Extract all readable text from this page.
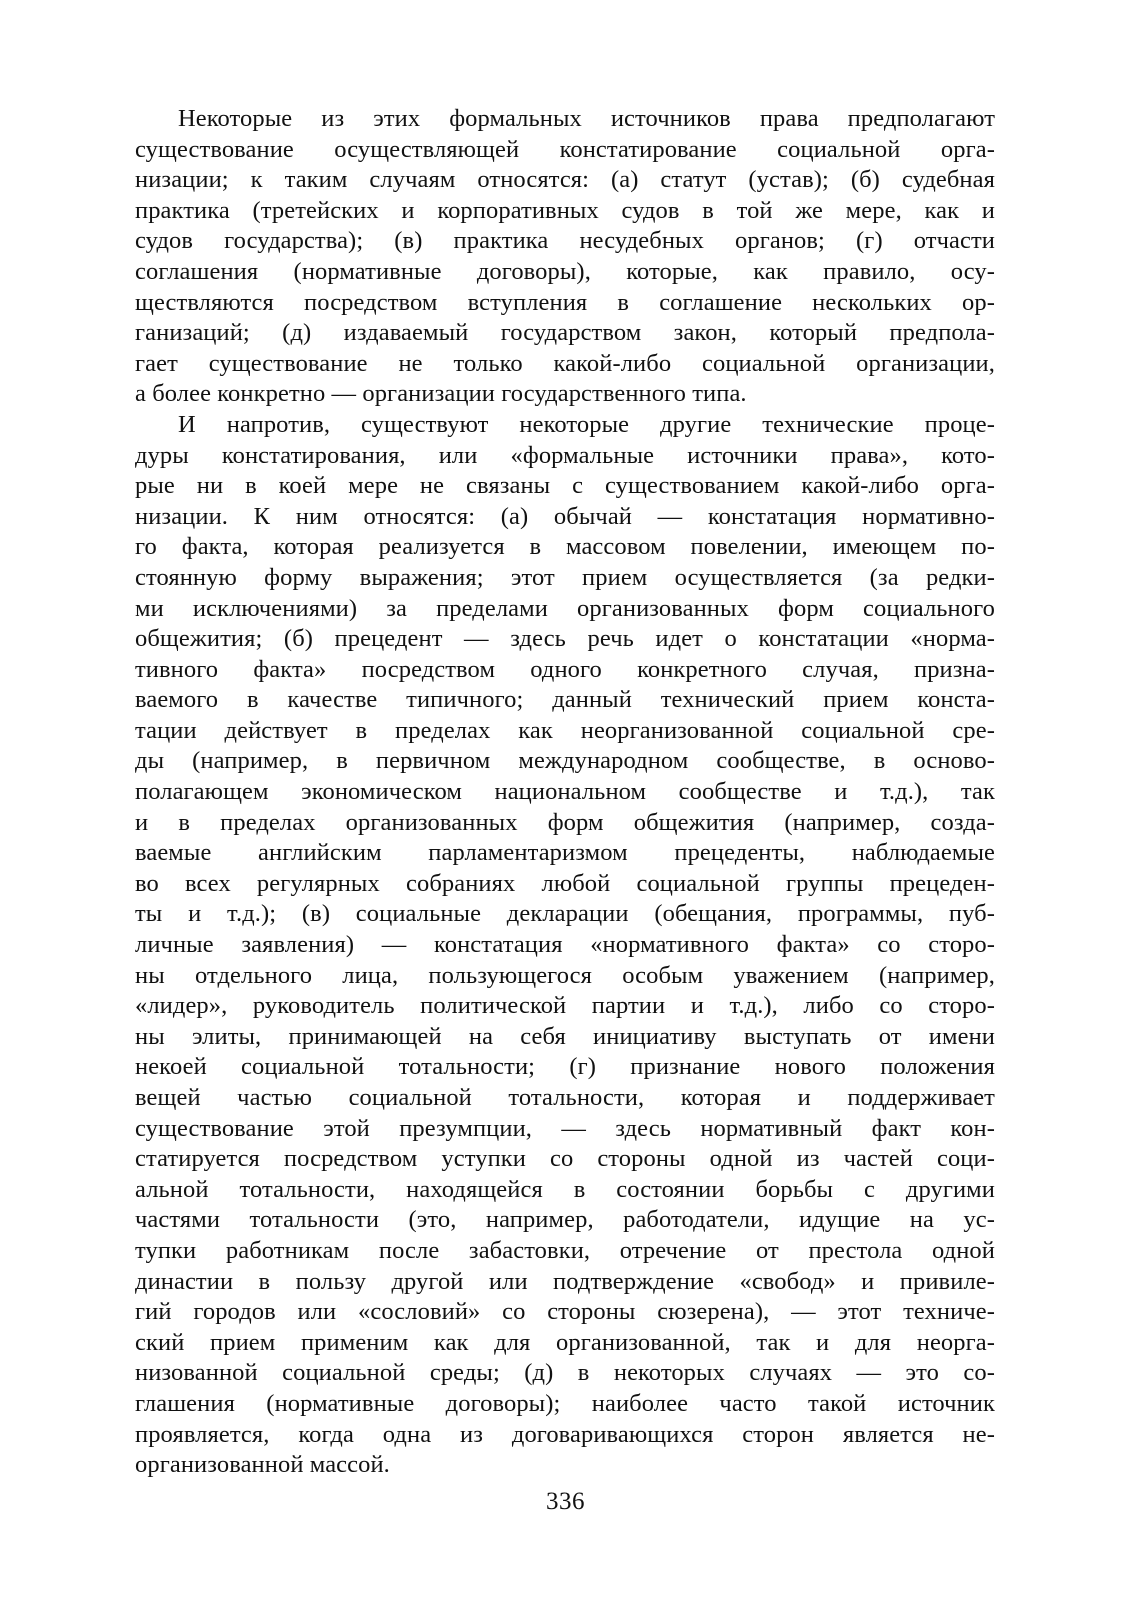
Некоторые из этих формальных источников права предполагают
существование осуществляющей констатирование социальной орга-
низации; к таким случаям относятся: (а) статут (устав); (б) судебная
практика (третейских и корпоративных судов в той же мере, как и
судов государства); (в) практика несудебных органов; (г) отчасти
соглашения (нормативные договоры), которые, как правило, осу-
ществляются посредством вступления в соглашение нескольких ор-
ганизаций; (д) издаваемый государством закон, который предпола-
гает существование не только какой-либо социальной организации,
а более конкретно — организации государственного типа.
И напротив, существуют некоторые другие технические проце-
дуры констатирования, или «формальные источники права», кото-
рые ни в коей мере не связаны с существованием какой-либо орга-
низации. К ним относятся: (а) обычай — констатация нормативно-
го факта, которая реализуется в массовом повелении, имеющем по-
стоянную форму выражения; этот прием осуществляется (за редки-
ми исключениями) за пределами организованных форм социального
общежития; (б) прецедент — здесь речь идет о констатации «норма-
тивного факта» посредством одного конкретного случая, призна-
ваемого в качестве типичного; данный технический прием конста-
тации действует в пределах как неорганизованной социальной сре-
ды (например, в первичном международном сообществе, в осново-
полагающем экономическом национальном сообществе и т.д.), так
и в пределах организованных форм общежития (например, созда-
ваемые английским парламентаризмом прецеденты, наблюдаемые
во всех регулярных собраниях любой социальной группы прецеден-
ты и т.д.); (в) социальные декларации (обещания, программы, пуб-
личные заявления) — констатация «нормативного факта» со сторо-
ны отдельного лица, пользующегося особым уважением (например,
«лидер», руководитель политической партии и т.д.), либо со сторо-
ны элиты, принимающей на себя инициативу выступать от имени
некоей социальной тотальности; (г) признание нового положения
вещей частью социальной тотальности, которая и поддерживает
существование этой презумпции, — здесь нормативный факт кон-
статируется посредством уступки со стороны одной из частей соци-
альной тотальности, находящейся в состоянии борьбы с другими
частями тотальности (это, например, работодатели, идущие на ус-
тупки работникам после забастовки, отречение от престола одной
династии в пользу другой или подтверждение «свобод» и привиле-
гий городов или «сословий» со стороны сюзерена), — этот техниче-
ский прием применим как для организованной, так и для неорга-
низованной социальной среды; (д) в некоторых случаях — это со-
глашения (нормативные договоры); наиболее часто такой источник
проявляется, когда одна из договаривающихся сторон является не-
организованной массой.
336
